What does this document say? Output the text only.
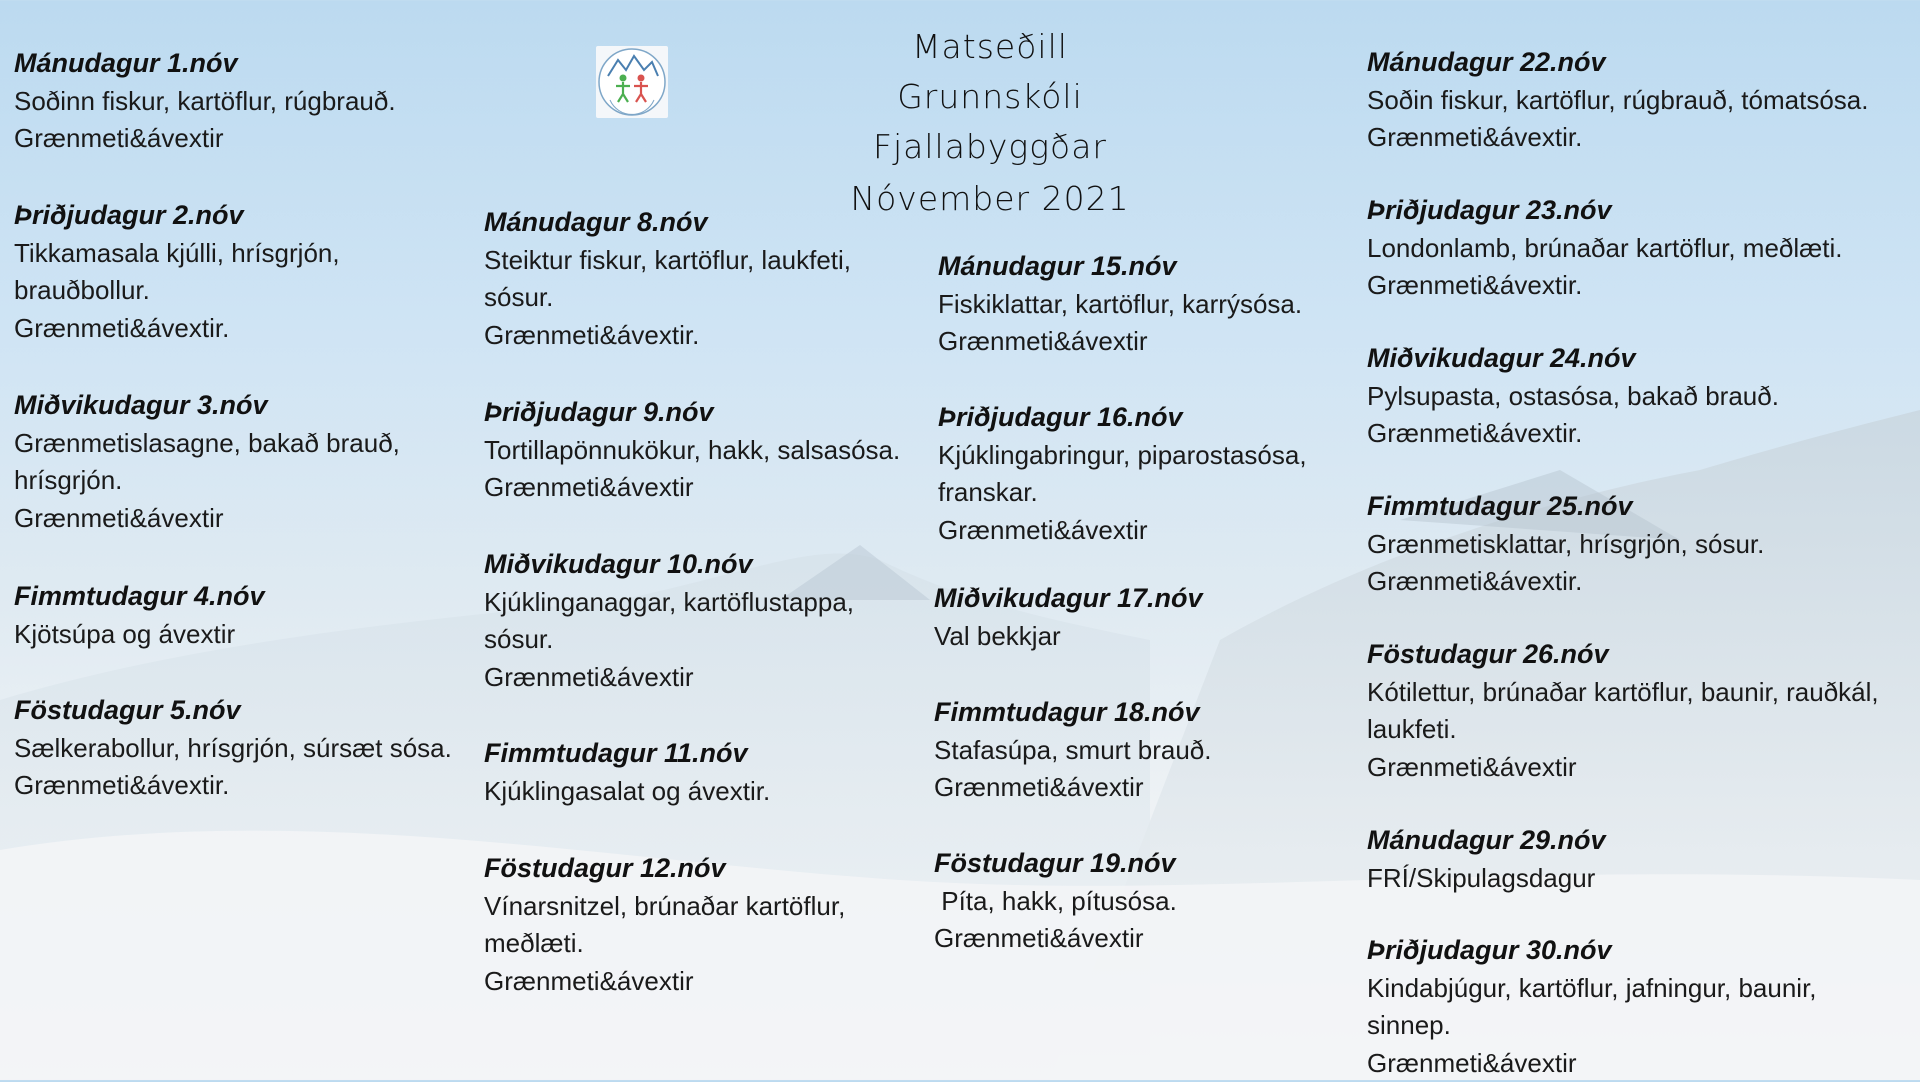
Matseðill
Grunnskóli Fjallabyggðar
Nóvember 2021
Mánudagur 1.nóv
Soðinn fiskur, kartöflur, rúgbrauð.
Grænmeti&ávextir
Þriðjudagur 2.nóv
Tikkamasala kjúlli, hrísgrjón,
brauðbollur.
Grænmeti&ávextir.
Miðvikudagur 3.nóv
Grænmetislasagne, bakað brauð,
hrísgrjón.
Grænmeti&ávextir
Fimmtudagur 4.nóv
Kjötsúpa og ávextir
Föstudagur 5.nóv
Sælkerabollur, hrísgrjón, súrsæt sósa.
Grænmeti&ávextir.
Mánudagur 8.nóv
Steiktur fiskur, kartöflur, laukfeti,
sósur.
Grænmeti&ávextir.
Þriðjudagur 9.nóv
Tortillapönnukökur, hakk, salsasósa.
Grænmeti&ávextir
Miðvikudagur 10.nóv
Kjúklinganaggar, kartöflustappa,
sósur.
Grænmeti&ávextir
Fimmtudagur 11.nóv
Kjúklingasalat og ávextir.
Föstudagur 12.nóv
Vínarsnitzel, brúnaðar kartöflur,
meðlæti.
Grænmeti&ávextir
Mánudagur 15.nóv
Fiskiklattar, kartöflur, karrýsósa.
Grænmeti&ávextir
Þriðjudagur 16.nóv
Kjúklingabringur, piparostasósa,
franskar.
Grænmeti&ávextir
Miðvikudagur 17.nóv
Val bekkjar
Fimmtudagur 18.nóv
Stafasúpa, smurt brauð.
Grænmeti&ávextir
Föstudagur 19.nóv
Píta, hakk, pítusósa.
Grænmeti&ávextir
Mánudagur 22.nóv
Soðin fiskur, kartöflur, rúgbrauð, tómatsósa.
Grænmeti&ávextir.
Þriðjudagur 23.nóv
Londonlamb, brúnaðar kartöflur, meðlæti.
Grænmeti&ávextir.
Miðvikudagur 24.nóv
Pylsupasta, ostasósa, bakað brauð.
Grænmeti&ávextir.
Fimmtudagur 25.nóv
Grænmetisklattar, hrísgrjón, sósur.
Grænmeti&ávextir.
Föstudagur 26.nóv
Kótilettur, brúnaðar kartöflur, baunir, rauðkál,
laukfeti.
Grænmeti&ávextir
Mánudagur 29.nóv
FRÍ/Skipulagsdagur
Þriðjudagur 30.nóv
Kindabjúgur, kartöflur, jafningur, baunir,
sinnep.
Grænmeti&ávextir
